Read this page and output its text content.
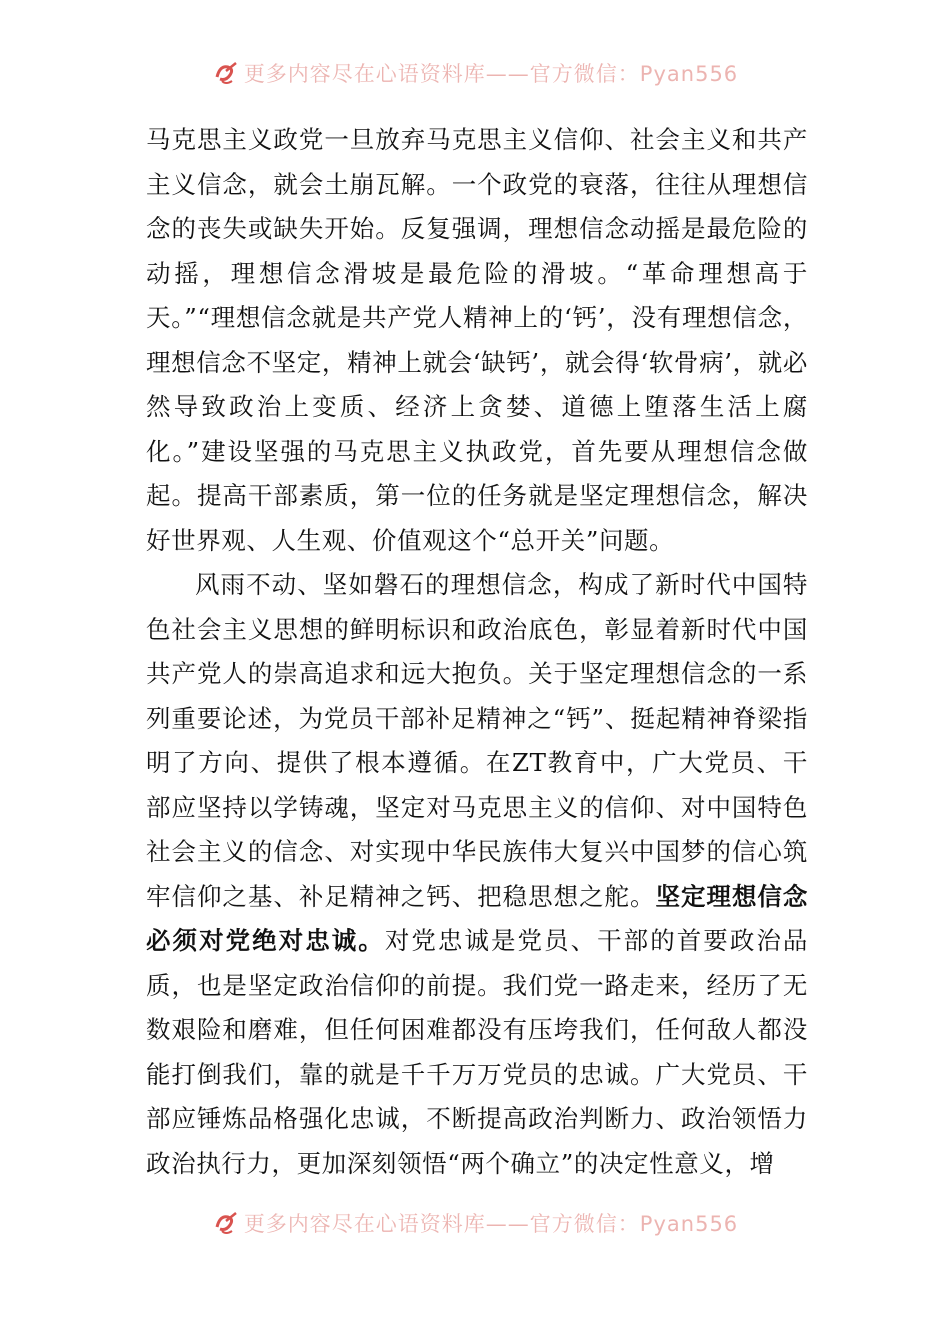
更多内容尽在心语资料库——官方微信：Pyan556

马克思主义政党一旦放弃马克思主义信仰、社会主义和共产主义信念，就会土崩瓦解。一个政党的衰落，往往从理想信念的丧失或缺失开始。反复强调，理想信念动摇是最危险的动摇，理想信念滑坡是最危险的滑坡。“革命理想高于天。”“理想信念就是共产党人精神上的‘钙’，没有理想信念，理想信念不坚定，精神上就会‘缺钙’，就会得‘软骨病’，就必然导致政治上变质、经济上贪婪、道德上堕落生活上腐化。”建设坚强的马克思主义执政党，首先要从理想信念做起。提高干部素质，第一位的任务就是坚定理想信念，解决好世界观、人生观、价值观这个“总开关”问题。

风雨不动、坚如磐石的理想信念，构成了新时代中国特色社会主义思想的鲜明标识和政治底色，彰显着新时代中国共产党人的崇高追求和远大抱负。关于坚定理想信念的一系列重要论述，为党员干部补足精神之“钙”、挺起精神脊梁指明了方向、提供了根本遵循。在ZT教育中，广大党员、干部应坚持以学铸魂，坚定对马克思主义的信仰、对中国特色社会主义的信念、对实现中华民族伟大复兴中国梦的信心筑牢信仰之基、补足精神之钙、把稳思想之舵。坚定理想信念必须对党绝对忠诚。对党忠诚是党员、干部的首要政治品质，也是坚定政治信仰的前提。我们党一路走来，经历了无数艰险和磨难，但任何困难都没有压垮我们，任何敌人都没能打倒我们，靠的就是千千万万党员的忠诚。广大党员、干部应锤炼品格强化忠诚，不断提高政治判断力、政治领悟力政治执行力，更加深刻领悟“两个确立”的决定性意义，增

更多内容尽在心语资料库——官方微信：Pyan556
